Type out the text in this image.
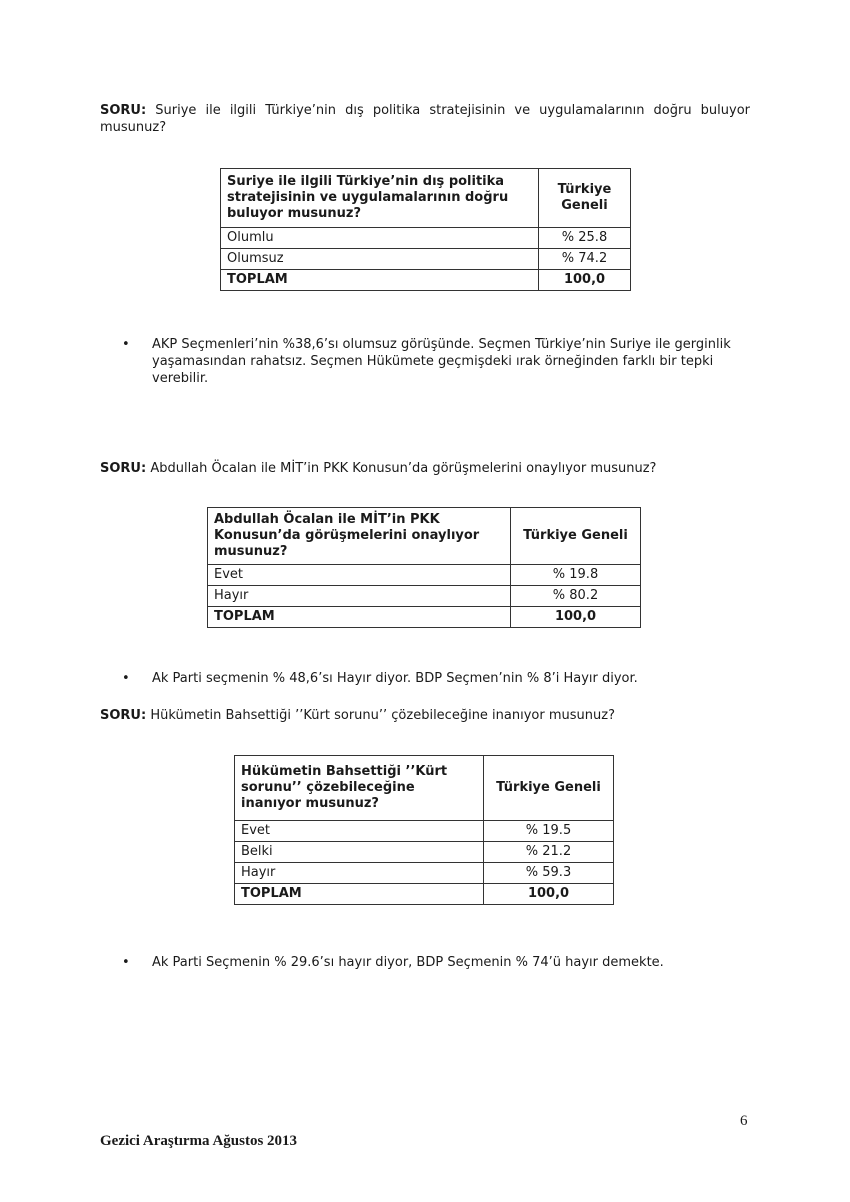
SORU: Suriye ile ilgili Türkiye’nin dış politika stratejisinin ve uygulamalarının doğru buluyor musunuz?
Suriye ile ilgili Türkiye’nin dış politika stratejisinin ve uygulamalarının doğru buluyor musunuz?	Türkiye Geneli
Olumlu	% 25.8
Olumsuz	% 74.2
TOPLAM	100,0
• AKP Seçmenleri’nin %38,6’sı olumsuz görüşünde. Seçmen Türkiye’nin Suriye ile gerginlik yaşamasından rahatsız. Seçmen Hükümete geçmişdeki ırak örneğinden farklı bir tepki verebilir.
SORU: Abdullah Öcalan ile MİT’in PKK Konusun’da görüşmelerini onaylıyor musunuz?
Abdullah Öcalan ile MİT’in PKK Konusun’da görüşmelerini onaylıyor musunuz?	Türkiye Geneli
Evet	% 19.8
Hayır	% 80.2
TOPLAM	100,0
• Ak Parti seçmenin % 48,6’sı Hayır diyor. BDP Seçmen’nin % 8’i Hayır diyor.
SORU: Hükümetin Bahsettiği ’’Kürt sorunu’’ çözebileceğine inanıyor musunuz?
Hükümetin Bahsettiği ’’Kürt sorunu’’ çözebileceğine inanıyor musunuz?	Türkiye Geneli
Evet	% 19.5
Belki	% 21.2
Hayır	% 59.3
TOPLAM	100,0
• Ak Parti Seçmenin % 29.6’sı hayır diyor, BDP Seçmenin % 74’ü hayır demekte.
6
Gezici Araştırma Ağustos 2013
